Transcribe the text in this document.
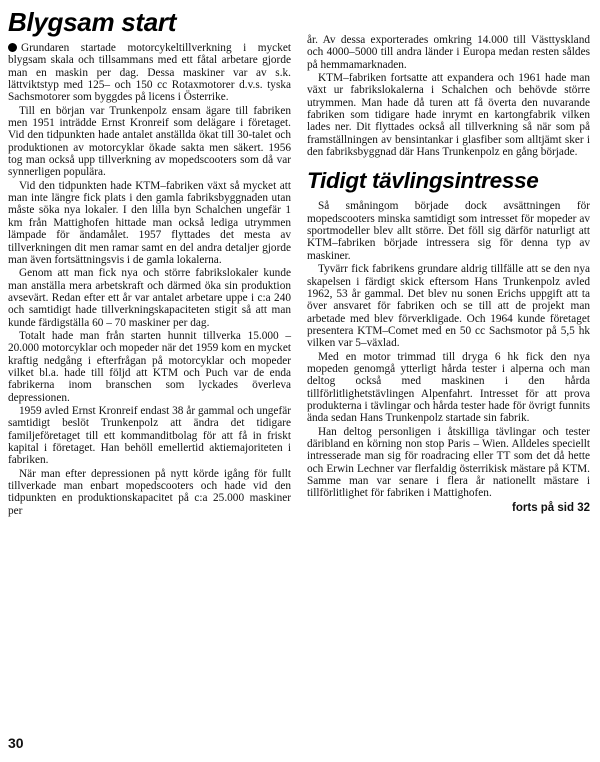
Blygsam start

Grundaren startade motorcykeltillverkning i mycket blygsam skala och tillsammans med ett fåtal arbetare gjorde man en maskin per dag. Dessa maskiner var av s.k. lättviktstyp med 125– och 150 cc Rotaxmotorer d.v.s. tyska Sachsmotorer som byggdes på licens i Österrike.

Till en början var Trunkenpolz ensam ägare till fabriken men 1951 inträdde Ernst Kronreif som delägare i företaget. Vid den tidpunkten hade antalet anställda ökat till 30-talet och produktionen av motorcyklar ökade sakta men säkert. 1956 tog man också upp tillverkning av mopedscooters som då var synnerligen populära.

Vid den tidpunkten hade KTM–fabriken växt så mycket att man inte längre fick plats i den gamla fabriksbyggnaden utan måste söka nya lokaler. I den lilla byn Schalchen ungefär 1 km från Mattighofen hittade man också lediga utrymmen lämpade för ändamålet. 1957 flyttades det mesta av tillverkningen dit men ramar samt en del andra detaljer gjorde man även fortsättningsvis i de gamla lokalerna.

Genom att man fick nya och större fabrikslokaler kunde man anställa mera arbetskraft och därmed öka sin produktion avsevärt. Redan efter ett år var antalet arbetare uppe i c:a 240 och samtidigt hade tillverkningskapaciteten stigit så att man kunde färdigställa 60 – 70 maskiner per dag.

Totalt hade man från starten hunnit tillverka 15.000 – 20.000 motorcyklar och mopeder när det 1959 kom en mycket kraftig nedgång i efterfrågan på motorcyklar och mopeder vilket bl.a. hade till följd att KTM och Puch var de enda fabrikerna inom branschen som lyckades överleva depressionen.

1959 avled Ernst Kronreif endast 38 år gammal och ungefär samtidigt beslöt Trunkenpolz att ändra det tidigare familjeföretaget till ett kommanditbolag för att få in friskt kapital i företaget. Han behöll emellertid aktiemajoriteten i fabriken.

När man efter depressionen på nytt körde igång för fullt tillverkade man enbart mopedscooters och hade vid den tidpunkten en produktionskapacitet på c:a 25.000 maskiner per

år. Av dessa exporterades omkring 14.000 till Västtyskland och 4000–5000 till andra länder i Europa medan resten såldes på hemmamarknaden.

KTM–fabriken fortsatte att expandera och 1961 hade man växt ur fabrikslokalerna i Schalchen och behövde större utrymmen. Man hade då turen att få överta den nuvarande fabriken som tidigare hade inrymt en kartongfabrik vilken lades ner. Dit flyttades också all tillverkning så när som på framställningen av bensintankar i glasfiber som alltjämt sker i den fabriksbyggnad där Hans Trunkenpolz en gång började.

Tidigt tävlingsintresse

Så småningom började dock avsättningen för mopedscooters minska samtidigt som intresset för mopeder av sportmodeller blev allt större. Det föll sig därför naturligt att KTM–fabriken började intressera sig för denna typ av maskiner.

Tyvärr fick fabrikens grundare aldrig tillfälle att se den nya skapelsen i färdigt skick eftersom Hans Trunkenpolz avled 1962, 53 år gammal. Det blev nu sonen Erichs uppgift att ta över ansvaret för fabriken och se till att de projekt man arbetade med blev förverkligade. Och 1964 kunde företaget presentera KTM–Comet med en 50 cc Sachsmotor på 5,5 hk vilken var 5–växlad.

Med en motor trimmad till dryga 6 hk fick den nya mopeden genomgå ytterligt hårda tester i alperna och man deltog också med maskinen i den hårda tillförlitlighetstävlingen Alpenfahrt. Intresset för att prova produkterna i tävlingar och hårda tester hade för övrigt funnits ända sedan Hans Trunkenpolz startade sin fabrik.

Han deltog personligen i åtskilliga tävlingar och tester däribland en körning non stop Paris – Wien. Alldeles speciellt intresserade man sig för roadracing eller TT som det då hette och Erwin Lechner var flerfaldig österrikisk mästare på KTM. Samme man var senare i flera år nationellt mästare i tillförlitlighet för fabriken i Mattighofen.

forts på sid 32
30
